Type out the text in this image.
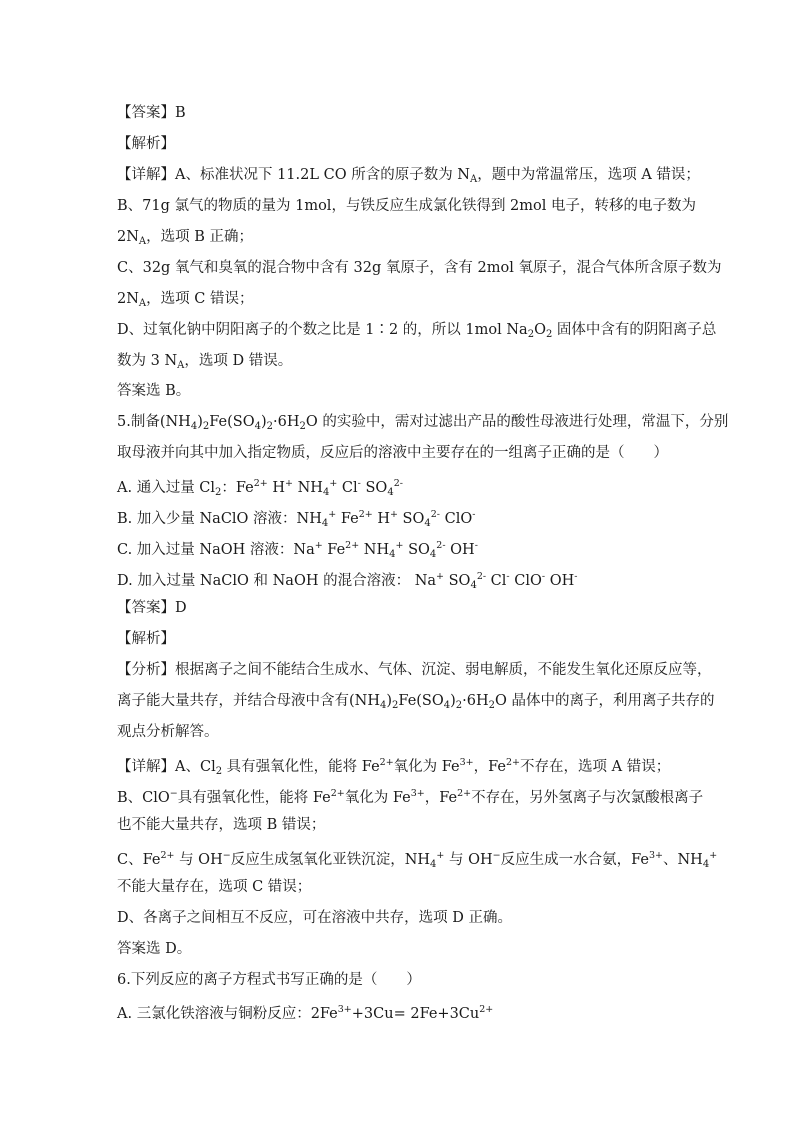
【答案】B
【解析】
【详解】A、标准状况下 11.2L CO 所含的原子数为 $N_A$，题中为常温常压，选项 A 错误；
B、71g 氯气的物质的量为 1mol，与铁反应生成氯化铁得到 2mol 电子，转移的电子数为
$2N_A$，选项 B 正确；
C、32g 氧气和臭氧的混合物中含有 32g 氧原子，含有 2mol 氧原子，混合气体所含原子数为
$2N_A$，选项 C 错误；
D、过氧化钠中阴阳离子的个数之比是 1∶2 的，所以 1mol $Na_2O_2$ 固体中含有的阴阳离子总
数为 3 $N_A$，选项 D 错误。
答案选 B。
5.制备$(NH_4)_2Fe(SO_4)_2\cdot 6H_2O$ 的实验中，需对过滤出产品的酸性母液进行处理，常温下，分别
取母液并向其中加入指定物质，反应后的溶液中主要存在的一组离子正确的是（　　）
A. 通入过量 $Cl_2$：$Fe^{2+}$ H+ $NH_4^+$ Cl- $SO_4^{2-}$
B. 加入少量 NaClO 溶液：$NH_4^+$ $Fe^{2+}$ H+ $SO_4^{2-}$ ClO-
C. 加入过量 NaOH 溶液：Na+ $Fe^{2+}$ $NH_4^+$ $SO_4^{2-}$ OH-
D. 加入过量 NaClO 和 NaOH 的混合溶液： Na+ $SO_4^{2-}$ Cl- ClO- OH-
【答案】D
【解析】
【分析】根据离子之间不能结合生成水、气体、沉淀、弱电解质，不能发生氧化还原反应等，
离子能大量共存，并结合母液中含有$(NH_4)_2Fe(SO_4)_2\cdot 6H_2O$ 晶体中的离子，利用离子共存的
观点分析解答。
【详解】A、$Cl_2$ 具有强氧化性，能将 $Fe^{2+}$氧化为 $Fe^{3+}$，$Fe^{2+}$不存在，选项 A 错误；
B、ClO−具有强氧化性，能将 $Fe^{2+}$氧化为 $Fe^{3+}$，$Fe^{2+}$不存在，另外氢离子与次氯酸根离子
也不能大量共存，选项 B 错误；
C、$Fe^{2+}$ 与 OH−反应生成氢氧化亚铁沉淀，$NH_4^+$ 与 OH−反应生成一水合氨，$Fe^{3+}$、$NH_4^+$
不能大量存在，选项 C 错误；
D、各离子之间相互不反应，可在溶液中共存，选项 D 正确。
答案选 D。
6.下列反应的离子方程式书写正确的是（　　）
A. 三氯化铁溶液与铜粉反应：$2Fe^{3+}+3Cu= 2Fe+3Cu^{2+}$
